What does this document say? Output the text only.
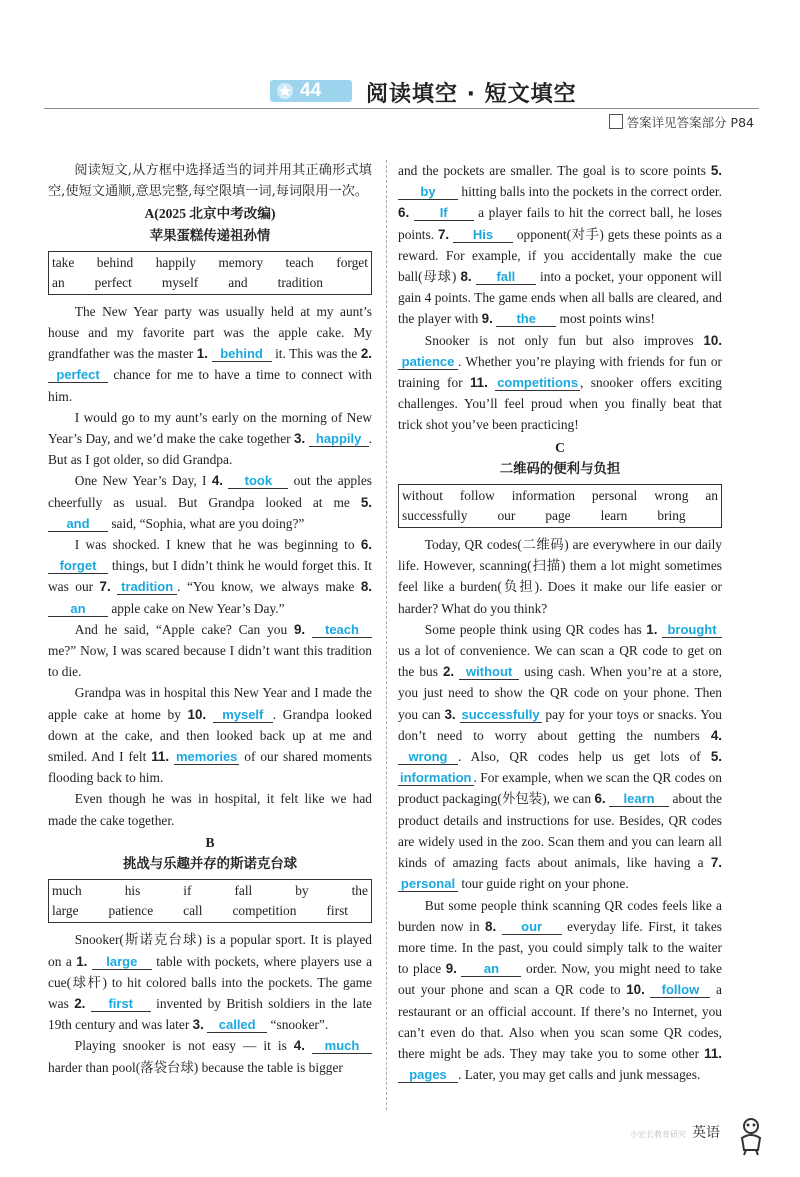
44 阅读填空 · 短文填空
答案详见答案部分 P84

阅读短文,从方框中选择适当的词并用其正确形式填空,使短文通顺,意思完整,每空限填一词,每词限用一次。

A(2025 北京中考改编)
苹果蛋糕传递祖孙情
take behind happily memory teach forget
an perfect myself and tradition

The New Year party was usually held at my aunt’s house and my favorite part was the apple cake. My grandfather was the master 1. behind it. This was the 2. perfect chance for me to have a time to connect with him.

I would go to my aunt’s early on the morning of New Year’s Day, and we’d make the cake together 3. happily . But as I got older, so did Grandpa.

One New Year’s Day, I 4. took out the apples cheerfully as usual. But Grandpa looked at me 5. and said, “Sophia, what are you doing?”

I was shocked. I knew that he was beginning to 6. forget things, but I didn’t think he would forget this. It was our 7. tradition . “You know, we always make 8. an apple cake on New Year’s Day.”

And he said, “Apple cake? Can you 9. teach me?” Now, I was scared because I didn’t want this tradition to die.

Grandpa was in hospital this New Year and I made the apple cake at home by 10. myself . Grandpa looked down at the cake, and then looked back up at me and smiled. And I felt 11. memories of our shared moments flooding back to him.

Even though he was in hospital, it felt like we had made the cake together.

B
挑战与乐趣并存的斯诺克台球
much	his	if	fall	by	the
large patience call competition first

Snooker(斯诺克台球) is a popular sport. It is played on a 1. large table with pockets, where players use a cue(球杆) to hit colored balls into the pockets. The game was 2. first invented by British soldiers in the late 19th century and was later 3. called “snooker”.

Playing snooker is not easy — it is 4. much harder than pool(落袋台球) because the table is bigger

and the pockets are smaller. The goal is to score points 5. by hitting balls into the pockets in the correct order. 6. If a player fails to hit the correct ball, he loses points. 7. His opponent(对手) gets these points as a reward. For example, if you accidentally make the cue ball(母球) 8. fall into a pocket, your opponent will gain 4 points. The game ends when all balls are cleared, and the player with 9. the most points wins!

Snooker is not only fun but also improves 10. patience . Whether you’re playing with friends for fun or training for 11. competitions , snooker offers exciting challenges. You’ll feel proud when you finally beat that trick shot you’ve been practicing!

C
二维码的便利与负担
without follow information personal wrong an
successfully our page learn bring

Today, QR codes(二维码) are everywhere in our daily life. However, scanning(扫描) them a lot might sometimes feel like a burden(负担). Does it make our life easier or harder? What do you think?

Some people think using QR codes has 1. brought us a lot of convenience. We can scan a QR code to get on the bus 2. without using cash. When you’re at a store, you just need to show the QR code on your phone. Then you can 3. successfully pay for your toys or snacks. You don’t need to worry about getting the numbers 4. wrong . Also, QR codes help us get lots of 5. information . For example, when we scan the QR codes on product packaging(外包装), we can 6. learn about the product details and instructions for use. Besides, QR codes are widely used in the zoo. Scan them and you can learn all kinds of amazing facts about animals, like having a 7. personal tour guide right on your phone.

But some people think scanning QR codes feels like a burden now in 8. our everyday life. First, it takes more time. In the past, you could simply talk to the waiter to place 9. an order. Now, you might need to take out your phone and scan a QR code to 10. follow a restaurant or an official account. If there’s no Internet, you can’t even do that. Also when you scan some QR codes, there might be ads. They may take you to some other 11. pages . Later, you may get calls and junk messages.

小宏长教育研究 英语
